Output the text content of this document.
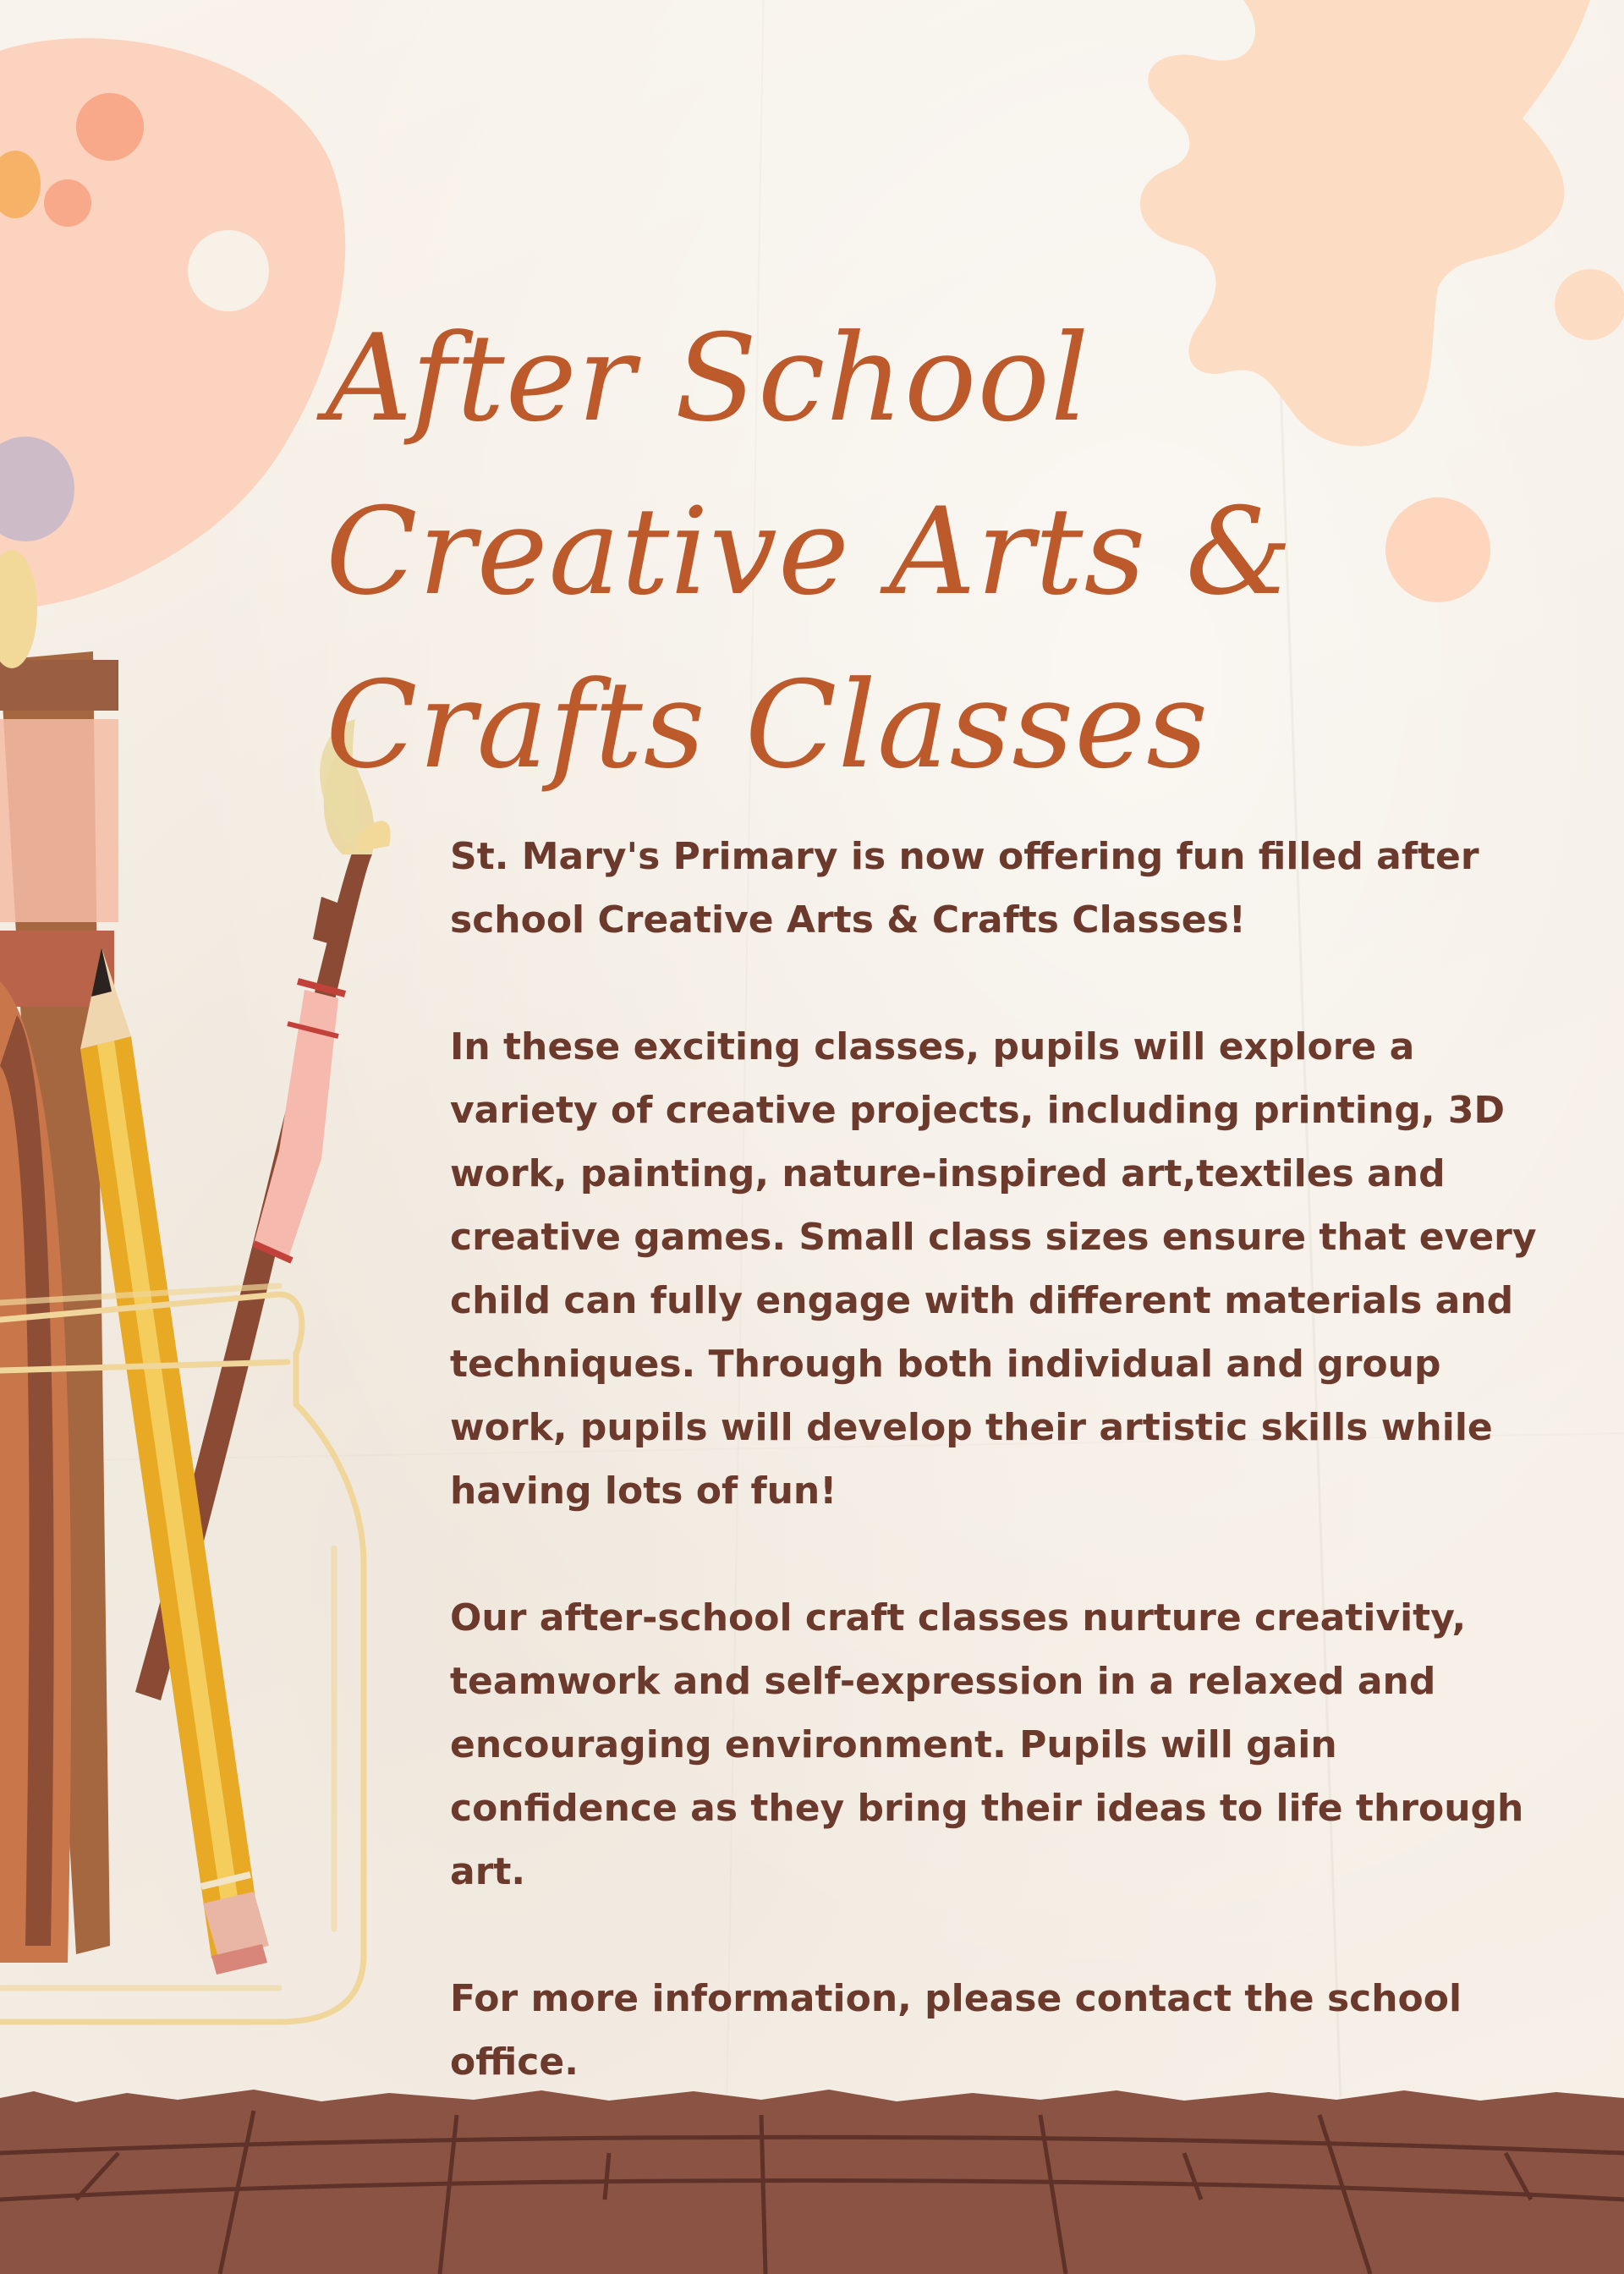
After School
Creative Arts &
Crafts Classes

St. Mary's Primary is now offering fun filled after school Creative Arts & Crafts Classes!

In these exciting classes, pupils will explore a variety of creative projects, including printing, 3D work, painting, nature-inspired art,textiles and creative games. Small class sizes ensure that every child can fully engage with different materials and techniques. Through both individual and group work, pupils will develop their artistic skills while having lots of fun!

Our after-school craft classes nurture creativity, teamwork and self-expression in a relaxed and encouraging environment. Pupils will gain confidence as they bring their ideas to life through art.

For more information, please contact the school office.
